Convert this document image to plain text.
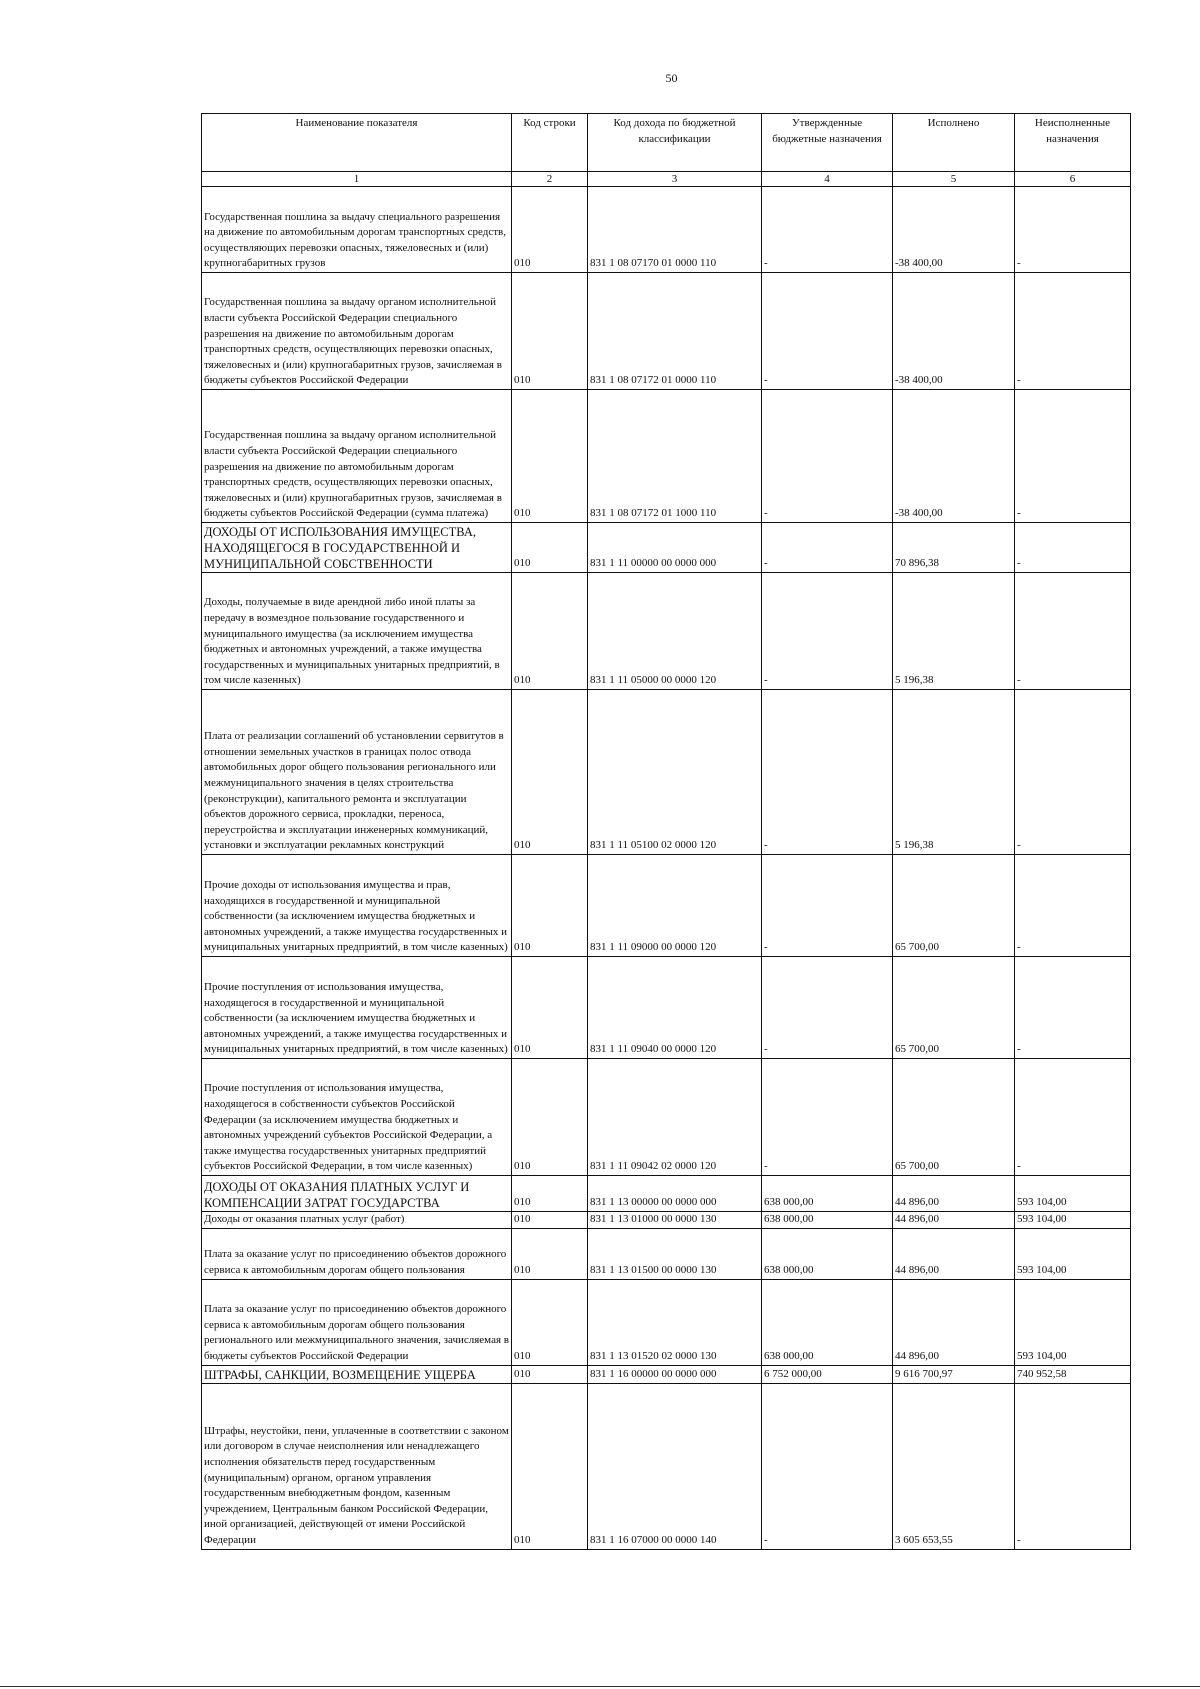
50
Наименование показателя	Код строки	Код дохода по бюджетной классификации	Утвержденные бюджетные назначения	Исполнено	Неисполненные назначения
1	2	3	4	5	6
Государственная пошлина за выдачу специального разрешения на движение по автомобильным дорогам транспортных средств, осуществляющих перевозки опасных, тяжеловесных и (или) крупногабаритных грузов	010	831 1 08 07170 01 0000 110	-	-38 400,00	-
Государственная пошлина за выдачу органом исполнительной власти субъекта Российской Федерации специального разрешения на движение по автомобильным дорогам транспортных средств, осуществляющих перевозки опасных, тяжеловесных и (или) крупногабаритных грузов, зачисляемая в бюджеты субъектов Российской Федерации	010	831 1 08 07172 01 0000 110	-	-38 400,00	-
Государственная пошлина за выдачу органом исполнительной власти субъекта Российской Федерации специального разрешения на движение по автомобильным дорогам транспортных средств, осуществляющих перевозки опасных, тяжеловесных и (или) крупногабаритных грузов, зачисляемая в бюджеты субъектов Российской Федерации (сумма платежа)	010	831 1 08 07172 01 1000 110	-	-38 400,00	-
ДОХОДЫ ОТ ИСПОЛЬЗОВАНИЯ ИМУЩЕСТВА, НАХОДЯЩЕГОСЯ В ГОСУДАРСТВЕННОЙ И МУНИЦИПАЛЬНОЙ СОБСТВЕННОСТИ	010	831 1 11 00000 00 0000 000	-	70 896,38	-
Доходы, получаемые в виде арендной либо иной платы за передачу в возмездное пользование государственного и муниципального имущества (за исключением имущества бюджетных и автономных учреждений, а также имущества государственных и муниципальных унитарных предприятий, в том числе казенных)	010	831 1 11 05000 00 0000 120	-	5 196,38	-
Плата от реализации соглашений об установлении сервитутов в отношении земельных участков в границах полос отвода автомобильных дорог общего пользования регионального или межмуниципального значения в целях строительства (реконструкции), капитального ремонта и эксплуатации объектов дорожного сервиса, прокладки, переноса, переустройства и эксплуатации инженерных коммуникаций, установки и эксплуатации рекламных конструкций	010	831 1 11 05100 02 0000 120	-	5 196,38	-
Прочие доходы от использования имущества и прав, находящихся в государственной и муниципальной собственности (за исключением имущества бюджетных и автономных учреждений, а также имущества государственных и муниципальных унитарных предприятий, в том числе казенных)	010	831 1 11 09000 00 0000 120	-	65 700,00	-
Прочие поступления от использования имущества, находящегося в государственной и муниципальной собственности (за исключением имущества бюджетных и автономных учреждений, а также имущества государственных и муниципальных унитарных предприятий, в том числе казенных)	010	831 1 11 09040 00 0000 120	-	65 700,00	-
Прочие поступления от использования имущества, находящегося в собственности субъектов Российской Федерации (за исключением имущества бюджетных и автономных учреждений субъектов Российской Федерации, а также имущества государственных унитарных предприятий субъектов Российской Федерации, в том числе казенных)	010	831 1 11 09042 02 0000 120	-	65 700,00	-
ДОХОДЫ ОТ ОКАЗАНИЯ ПЛАТНЫХ УСЛУГ И КОМПЕНСАЦИИ ЗАТРАТ ГОСУДАРСТВА	010	831 1 13 00000 00 0000 000	638 000,00	44 896,00	593 104,00
Доходы от оказания платных услуг (работ)	010	831 1 13 01000 00 0000 130	638 000,00	44 896,00	593 104,00
Плата за оказание услуг по присоединению объектов дорожного сервиса к автомобильным дорогам общего пользования	010	831 1 13 01500 00 0000 130	638 000,00	44 896,00	593 104,00
Плата за оказание услуг по присоединению объектов дорожного сервиса к автомобильным дорогам общего пользования регионального или межмуниципального значения, зачисляемая в бюджеты субъектов Российской Федерации	010	831 1 13 01520 02 0000 130	638 000,00	44 896,00	593 104,00
ШТРАФЫ, САНКЦИИ, ВОЗМЕЩЕНИЕ УЩЕРБА	010	831 1 16 00000 00 0000 000	6 752 000,00	9 616 700,97	740 952,58
Штрафы, неустойки, пени, уплаченные в соответствии с законом или договором в случае неисполнения или ненадлежащего исполнения обязательств перед государственным (муниципальным) органом, органом управления государственным внебюджетным фондом, казенным учреждением, Центральным банком Российской Федерации, иной организацией, действующей от имени Российской Федерации	010	831 1 16 07000 00 0000 140	-	3 605 653,55	-
